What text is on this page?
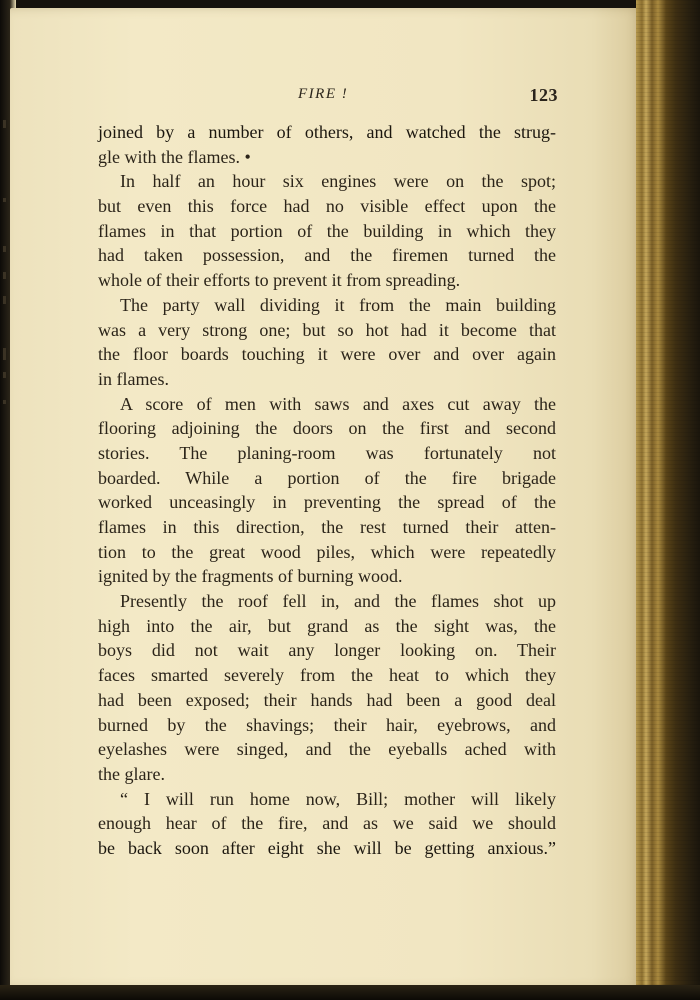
FIRE !	123
joined by a number of others, and watched the strug-
gle with the flames. •
In half an hour six engines were on the spot;
but even this force had no visible effect upon the
flames in that portion of the building in which they
had taken possession, and the firemen turned the
whole of their efforts to prevent it from spreading.
The party wall dividing it from the main building
was a very strong one; but so hot had it become that
the floor boards touching it were over and over again
in flames.
A score of men with saws and axes cut away the
flooring adjoining the doors on the first and second
stories. The planing-room was fortunately not
boarded. While a portion of the fire brigade
worked unceasingly in preventing the spread of the
flames in this direction, the rest turned their atten-
tion to the great wood piles, which were repeatedly
ignited by the fragments of burning wood.
Presently the roof fell in, and the flames shot up
high into the air, but grand as the sight was, the
boys did not wait any longer looking on. Their
faces smarted severely from the heat to which they
had been exposed; their hands had been a good deal
burned by the shavings; their hair, eyebrows, and
eyelashes were singed, and the eyeballs ached with
the glare.
“ I will run home now, Bill; mother will likely
enough hear of the fire, and as we said we should
be back soon after eight she will be getting anxious.”
